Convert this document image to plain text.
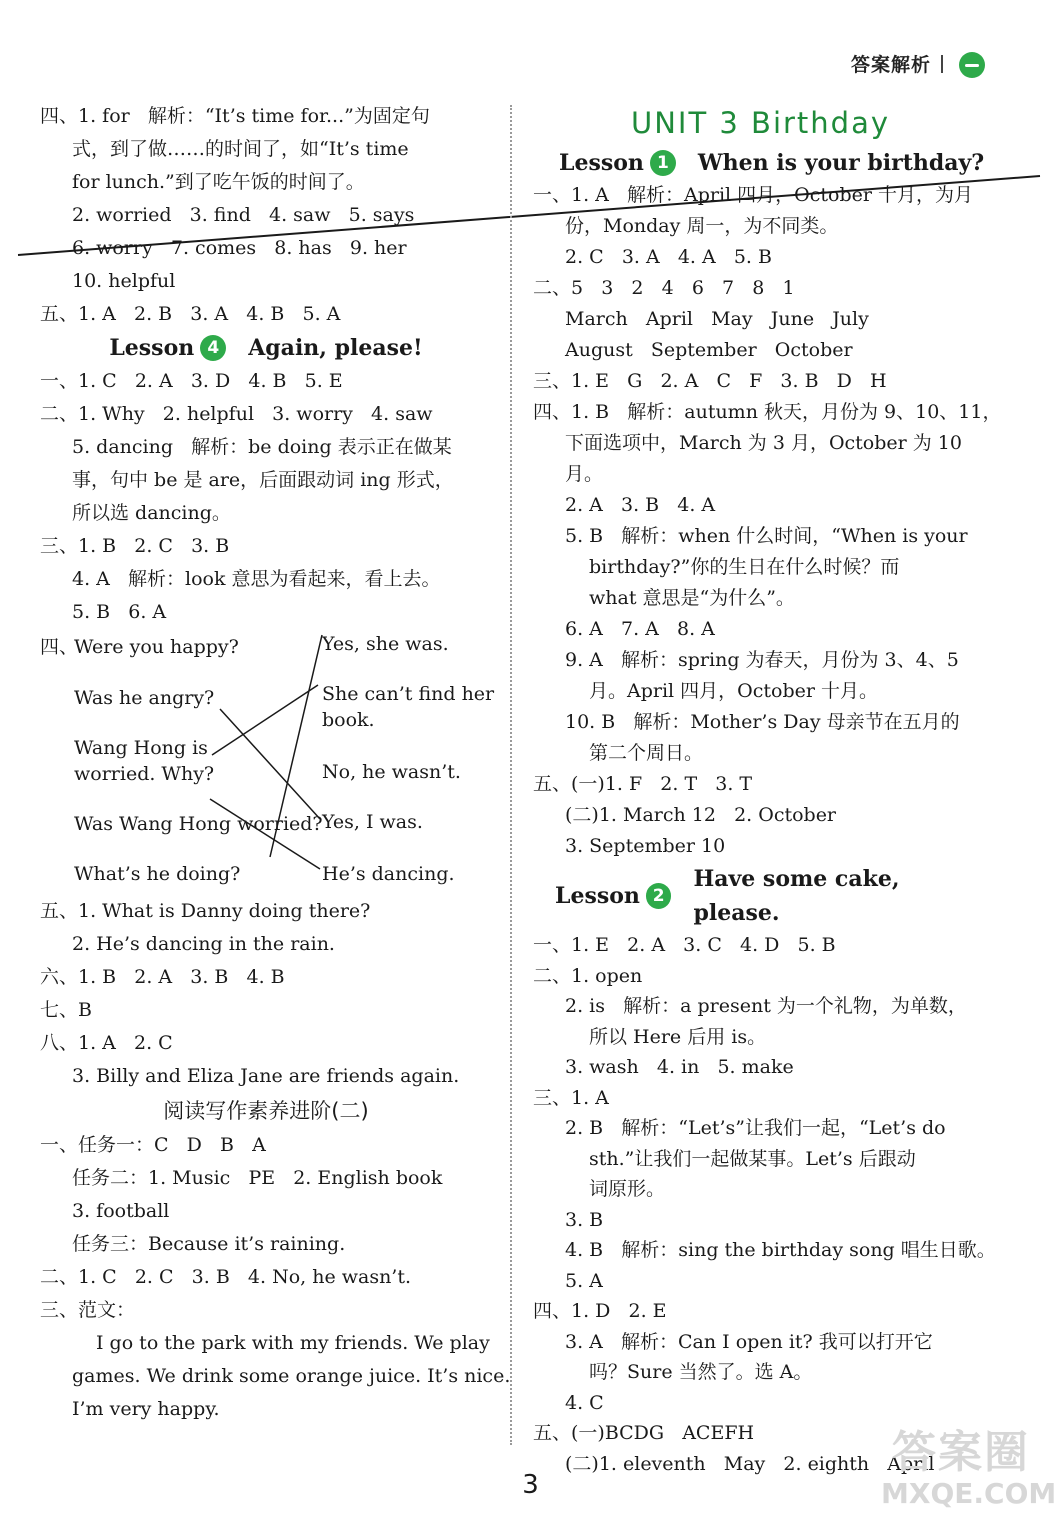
答案解析
四、1. for   解析：“It’s time for...”为固定句
式，到了做……的时间了，如“It’s time
for lunch.”到了吃午饭的时间了。
2. worried   3. find   4. saw   5. says
6. worry   7. comes   8. has   9. her
10. helpful
五、1. A   2. B   3. A   4. B   5. A
Lesson 4	Again, please!
一、1. C   2. A   3. D   4. B   5. E
二、1. Why   2. helpful   3. worry   4. saw
5. dancing   解析：be doing 表示正在做某
事，句中 be 是 are，后面跟动词 ing 形式，
所以选 dancing。
三、1. B   2. C   3. B
4. A   解析：look 意思为看起来，看上去。
5. B   6. A
四、
Were you happy?
Was he angry?
Wang Hong is
worried. Why?
Was Wang Hong worried?
What’s he doing?
Yes, she was.
She can’t find her
book.
No, he wasn’t.
Yes, I was.
He’s dancing.
五、1. What is Danny doing there?
2. He’s dancing in the rain.
六、1. B   2. A   3. B   4. B
七、B
八、1. A   2. C
3. Billy and Eliza Jane are friends again.
阅读写作素养进阶(二)
一、任务一：C   D   B   A
任务二：1. Music   PE   2. English book
3. football
任务三：Because it’s raining.
二、1. C   2. C   3. B   4. No, he wasn’t.
三、范文：
I go to the park with my friends. We play
games. We drink some orange juice. It’s nice.
I’m very happy.
UNIT 3 Birthday
Lesson 1	When is your birthday?
一、1. A   解析：April 四月，October 十月，为月
份，Monday 周一，为不同类。
2. C   3. A   4. A   5. B
二、5   3   2   4   6   7   8   1
March   April   May   June   July
August   September   October
三、1. E   G   2. A   C   F   3. B   D   H
四、1. B   解析：autumn 秋天，月份为 9、10、11，
下面选项中，March 为 3 月，October 为 10
月。
2. A   3. B   4. A
5. B   解析：when 什么时间，“When is your
birthday?”你的生日在什么时候？而
what 意思是“为什么”。
6. A   7. A   8. A
9. A   解析：spring 为春天，月份为 3、4、5
月。April 四月，October 十月。
10. B   解析：Mother’s Day 母亲节在五月的
第二个周日。
五、(一)1. F   2. T   3. T
(二)1. March 12   2. October
3. September 10
Lesson 2
Have some cake, please.
一、1. E   2. A   3. C   4. D   5. B
二、1. open
2. is   解析：a present 为一个礼物，为单数，
所以 Here 后用 is。
3. wash   4. in   5. make
三、1. A
2. B   解析：“Let’s”让我们一起，“Let’s do
sth.”让我们一起做某事。Let’s 后跟动
词原形。
3. B
4. B   解析：sing the birthday song 唱生日歌。
5. A
四、1. D   2. E
3. A   解析：Can I open it? 我可以打开它
吗？Sure 当然了。选 A。
4. C
五、(一)BCDG   ACEFH
(二)1. eleventh   May   2. eighth   April
3
答案圈
MXQE.COM
